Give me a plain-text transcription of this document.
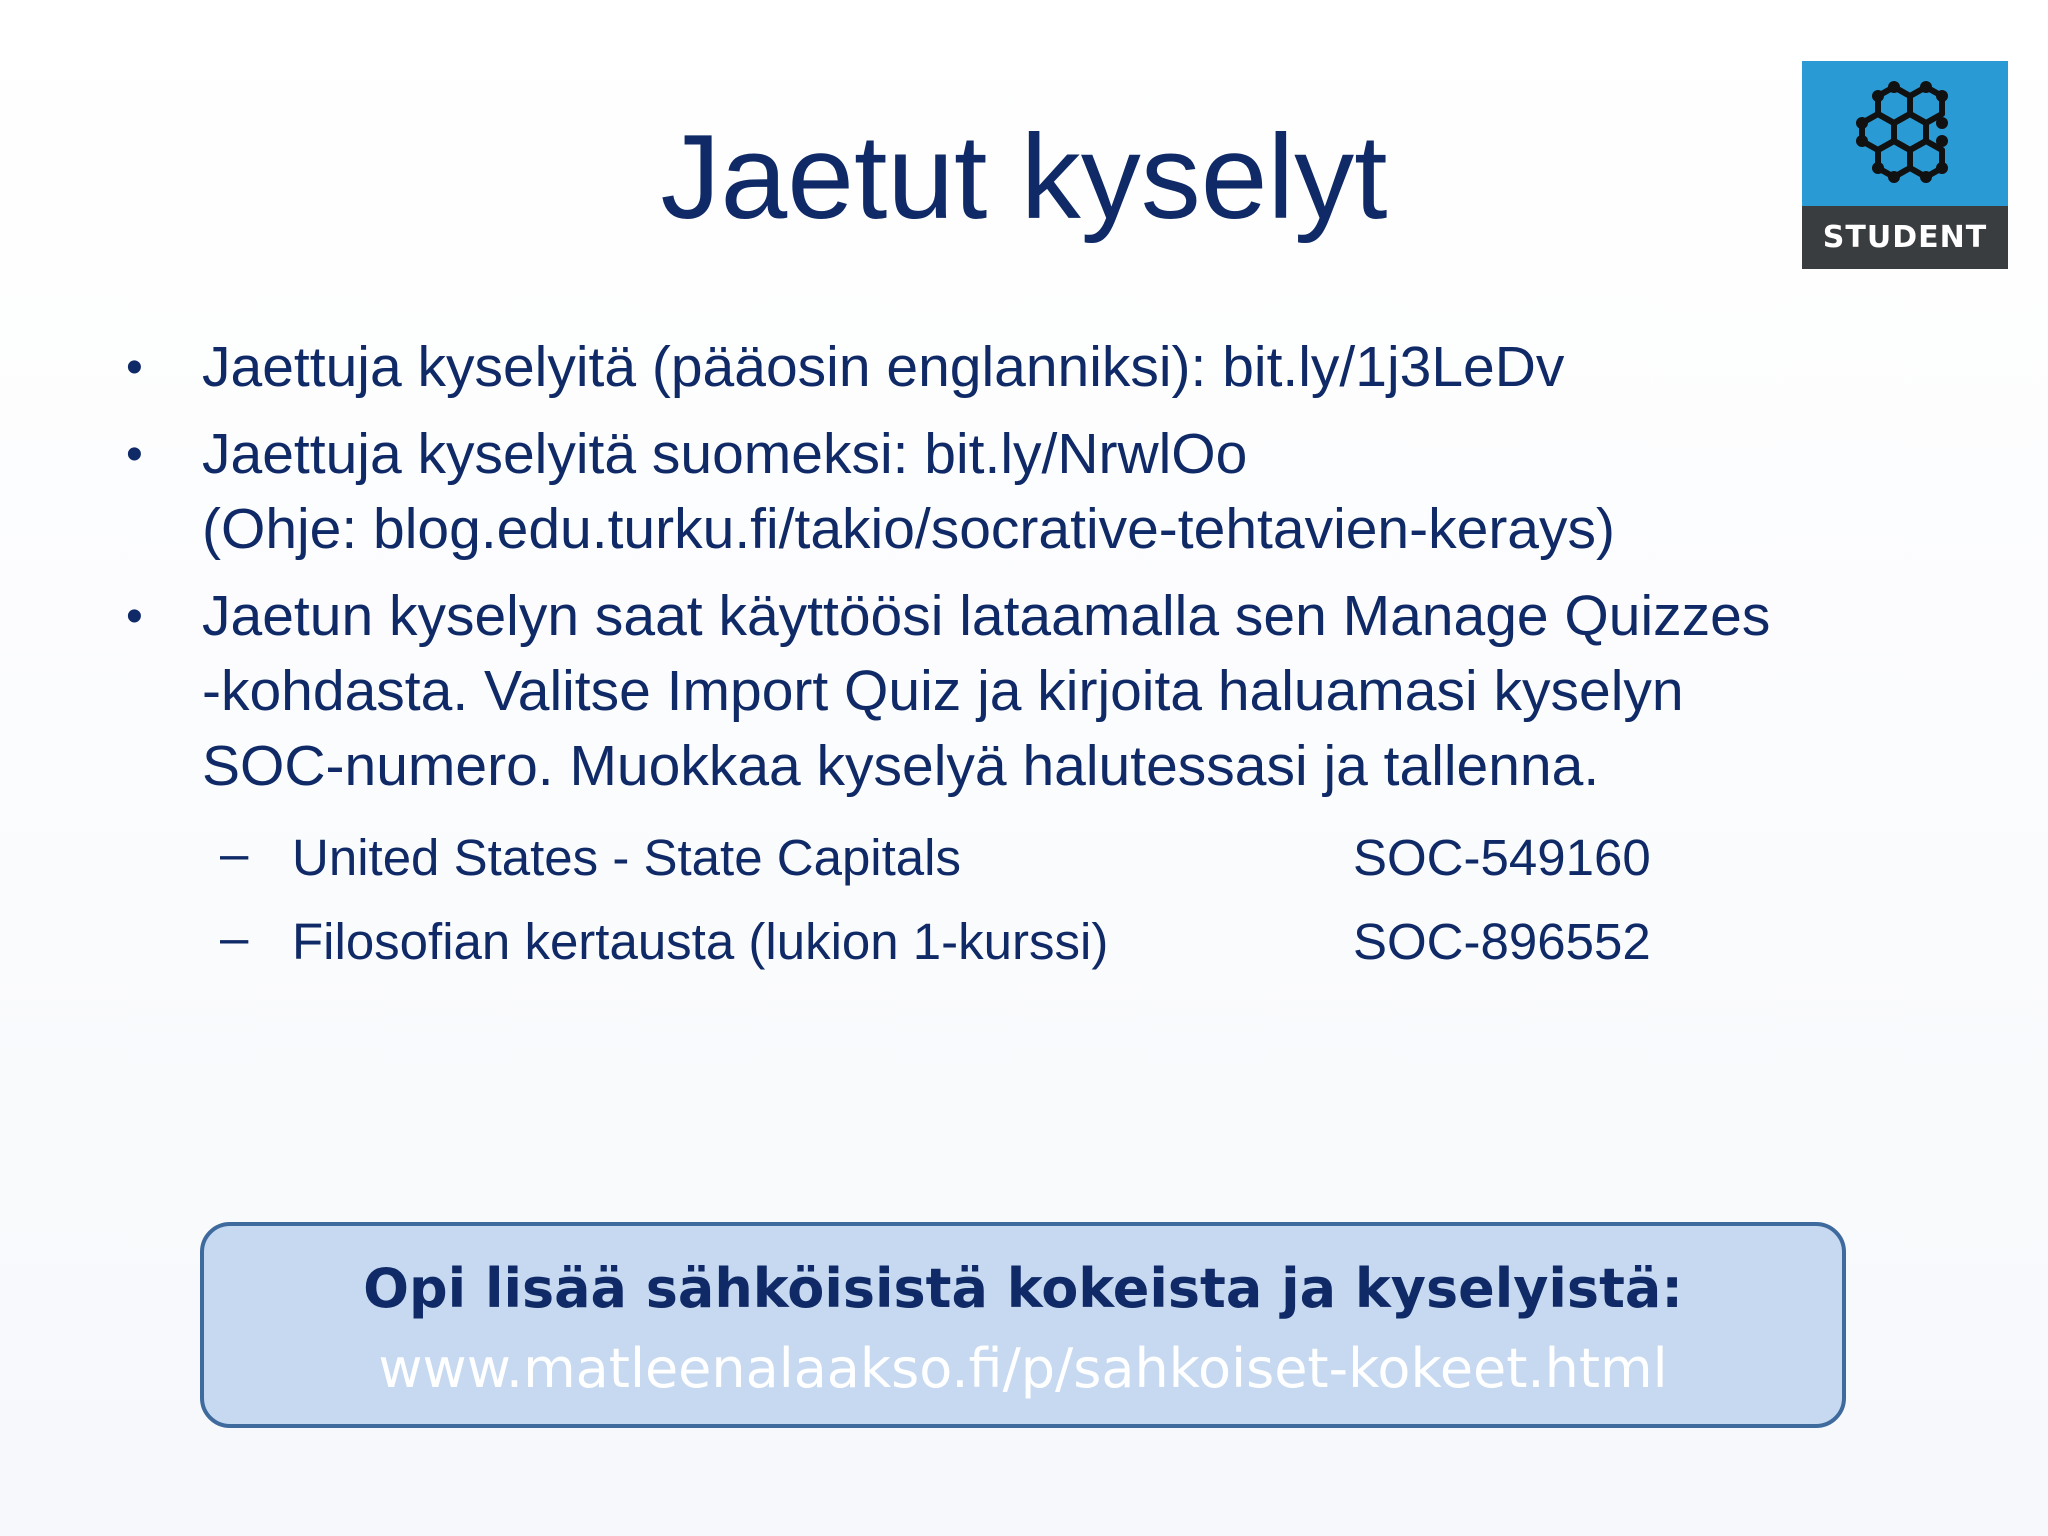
Jaetut kyselyt	STUDENT
• Jaettuja kyselyitä (pääosin englanniksi): bit.ly/1j3LeDv
• Jaettuja kyselyitä suomeksi: bit.ly/NrwlOo
(Ohje: blog.edu.turku.fi/takio/socrative-tehtavien-kerays)
• Jaetun kyselyn saat käyttöösi lataamalla sen Manage Quizzes
-kohdasta. Valitse Import Quiz ja kirjoita haluamasi kyselyn
SOC-numero. Muokkaa kyselyä halutessasi ja tallenna.
– United States - State Capitals	SOC-549160
– Filosofian kertausta (lukion 1-kurssi)	SOC-896552
Opi lisää sähköisistä kokeista ja kyselyistä:
www.matleenalaakso.fi/p/sahkoiset-kokeet.html
